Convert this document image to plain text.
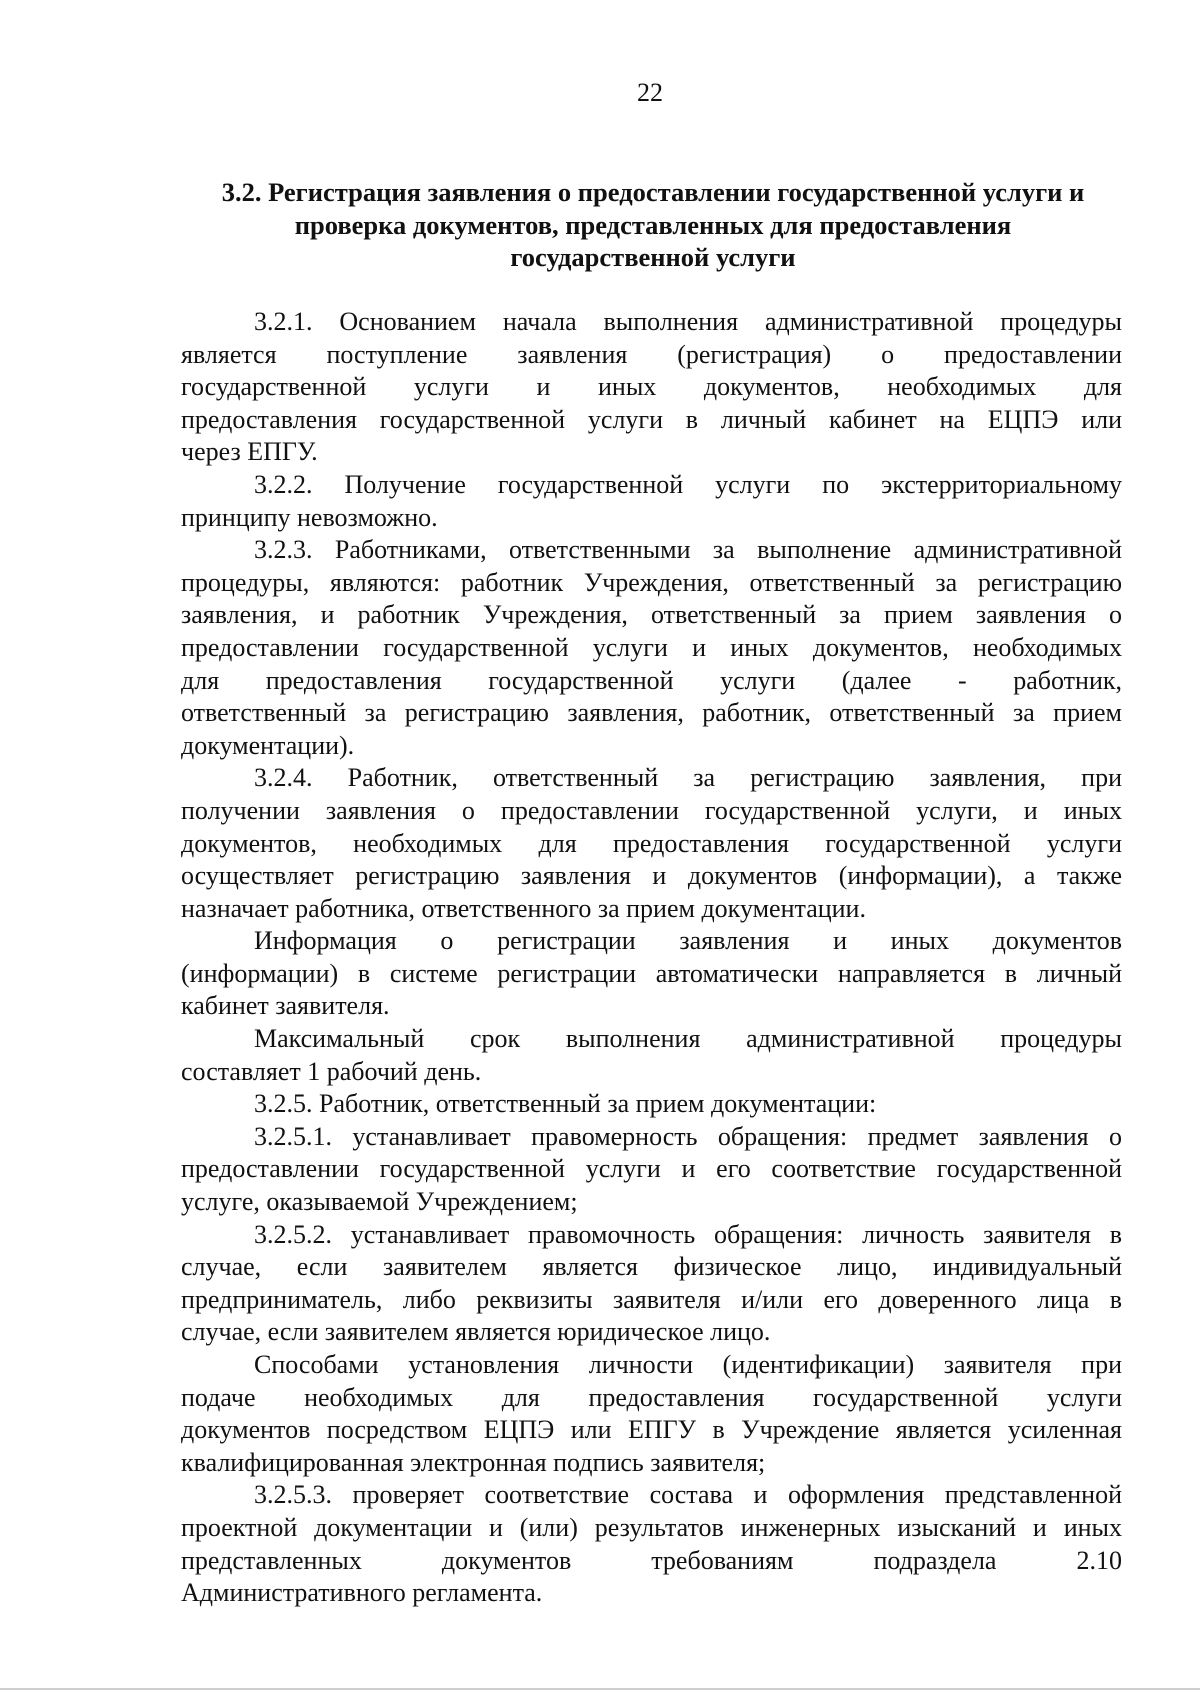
22
3.2. Регистрация заявления о предоставлении государственной услуги и
проверка документов, представленных для предоставления
государственной услуги
3.2.1. Основанием начала выполнения административной процедуры
является поступление заявления (регистрация) о предоставлении
государственной услуги и иных документов, необходимых для
предоставления государственной услуги в личный кабинет на ЕЦПЭ или
через ЕПГУ.
3.2.2. Получение государственной услуги по экстерриториальному
принципу невозможно.
3.2.3. Работниками, ответственными за выполнение административной
процедуры, являются: работник Учреждения, ответственный за регистрацию
заявления, и работник Учреждения, ответственный за прием заявления о
предоставлении государственной услуги и иных документов, необходимых
для предоставления государственной услуги (далее - работник,
ответственный за регистрацию заявления, работник, ответственный за прием
документации).
3.2.4. Работник, ответственный за регистрацию заявления, при
получении заявления о предоставлении государственной услуги, и иных
документов, необходимых для предоставления государственной услуги
осуществляет регистрацию заявления и документов (информации), а также
назначает работника, ответственного за прием документации.
Информация о регистрации заявления и иных документов
(информации) в системе регистрации автоматически направляется в личный
кабинет заявителя.
Максимальный срок выполнения административной процедуры
составляет 1 рабочий день.
3.2.5. Работник, ответственный за прием документации:
3.2.5.1. устанавливает правомерность обращения: предмет заявления о
предоставлении государственной услуги и его соответствие государственной
услуге, оказываемой Учреждением;
3.2.5.2. устанавливает правомочность обращения: личность заявителя в
случае, если заявителем является физическое лицо, индивидуальный
предприниматель, либо реквизиты заявителя и/или его доверенного лица в
случае, если заявителем является юридическое лицо.
Способами установления личности (идентификации) заявителя при
подаче необходимых для предоставления государственной услуги
документов посредством ЕЦПЭ или ЕПГУ в Учреждение является усиленная
квалифицированная электронная подпись заявителя;
3.2.5.3. проверяет соответствие состава и оформления представленной
проектной документации и (или) результатов инженерных изысканий и иных
представленных документов требованиям подраздела 2.10
Административного регламента.
